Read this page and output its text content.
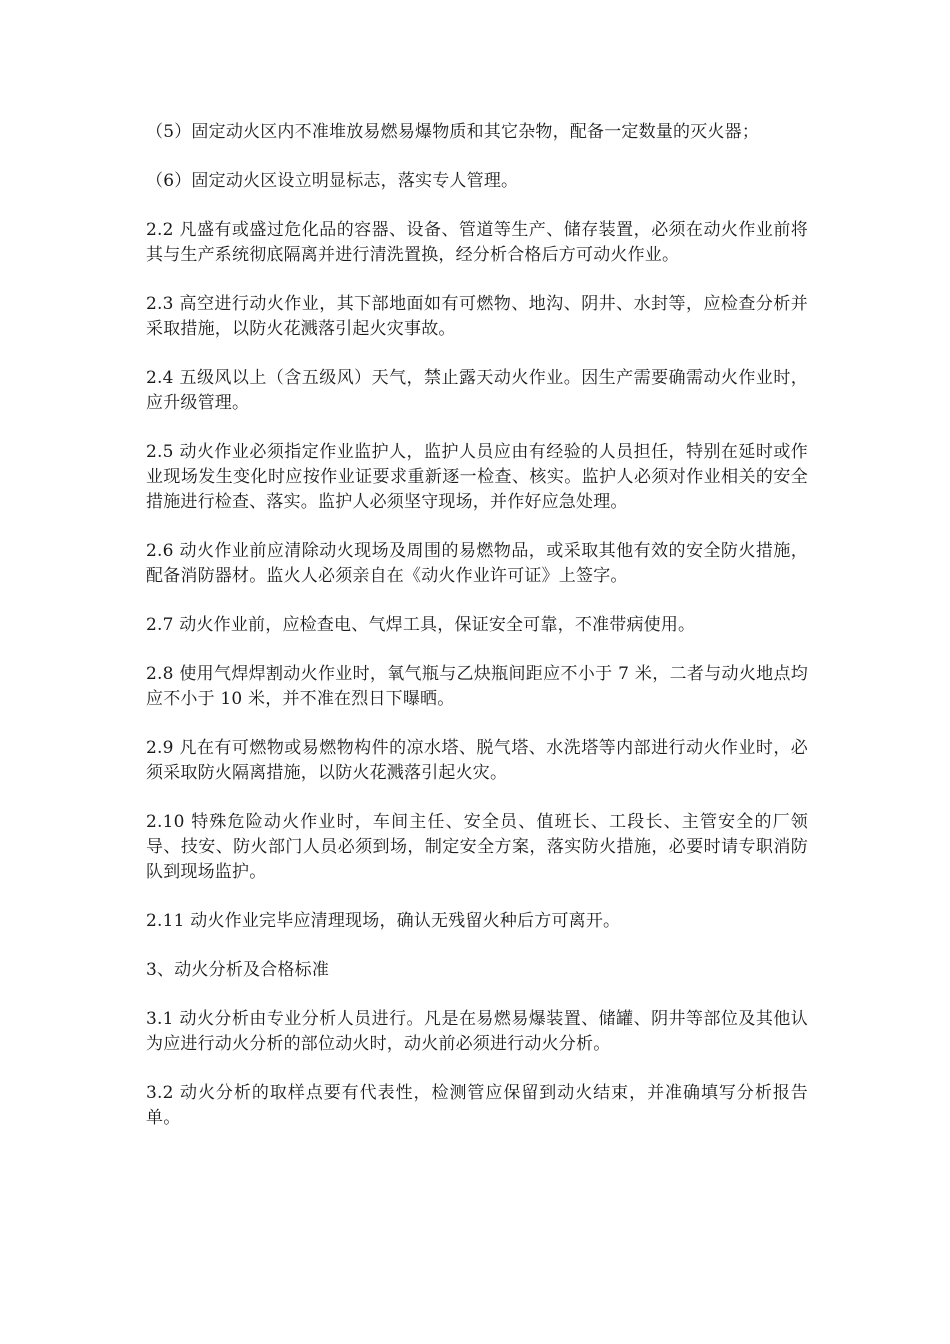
（5）固定动火区内不准堆放易燃易爆物质和其它杂物，配备一定数量的灭火器；

（6）固定动火区设立明显标志，落实专人管理。

2.2 凡盛有或盛过危化品的容器、设备、管道等生产、储存装置，必须在动火作业前将其与生产系统彻底隔离并进行清洗置换，经分析合格后方可动火作业。

2.3 高空进行动火作业，其下部地面如有可燃物、地沟、阴井、水封等，应检查分析并采取措施，以防火花溅落引起火灾事故。

2.4 五级风以上（含五级风）天气，禁止露天动火作业。因生产需要确需动火作业时，应升级管理。

2.5 动火作业必须指定作业监护人，监护人员应由有经验的人员担任，特别在延时或作业现场发生变化时应按作业证要求重新逐一检查、核实。监护人必须对作业相关的安全措施进行检查、落实。监护人必须坚守现场，并作好应急处理。

2.6 动火作业前应清除动火现场及周围的易燃物品，或采取其他有效的安全防火措施，配备消防器材。监火人必须亲自在《动火作业许可证》上签字。

2.7 动火作业前，应检查电、气焊工具，保证安全可靠，不准带病使用。

2.8 使用气焊焊割动火作业时，氧气瓶与乙炔瓶间距应不小于 7 米，二者与动火地点均应不小于 10 米，并不准在烈日下曝晒。

2.9 凡在有可燃物或易燃物构件的凉水塔、脱气塔、水洗塔等内部进行动火作业时，必须采取防火隔离措施，以防火花溅落引起火灾。

2.10 特殊危险动火作业时，车间主任、安全员、值班长、工段长、主管安全的厂领导、技安、防火部门人员必须到场，制定安全方案，落实防火措施，必要时请专职消防队到现场监护。

2.11 动火作业完毕应清理现场，确认无残留火种后方可离开。

3、动火分析及合格标准

3.1 动火分析由专业分析人员进行。凡是在易燃易爆装置、储罐、阴井等部位及其他认为应进行动火分析的部位动火时，动火前必须进行动火分析。

3.2 动火分析的取样点要有代表性，检测管应保留到动火结束，并准确填写分析报告单。
